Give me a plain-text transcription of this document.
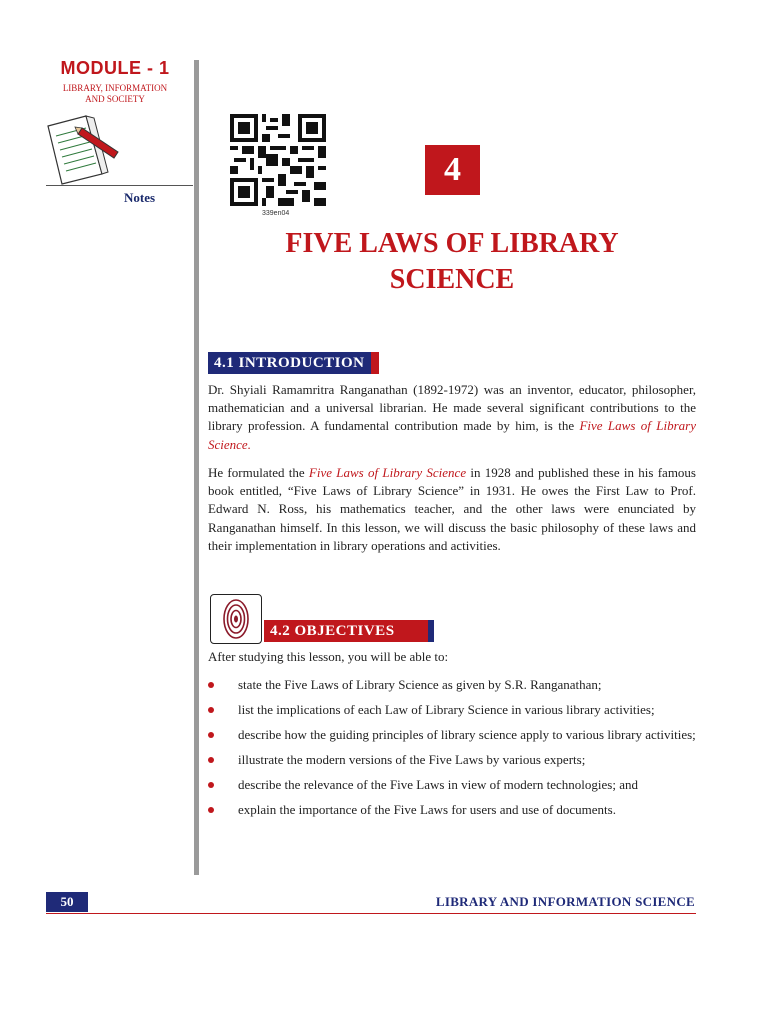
MODULE - 1
LIBRARY, INFORMATION
AND SOCIETY
Notes
339en04
4
FIVE LAWS OF LIBRARY
SCIENCE
4.1 INTRODUCTION
Dr. Shyiali Ramamritra Ranganathan (1892-1972) was an inventor, educator, philosopher, mathematician and a universal librarian. He made several significant contributions to the library profession. A fundamental contribution made by him, is the Five Laws of Library Science.
He formulated the Five Laws of Library Science in 1928 and published these in his famous book entitled, “Five Laws of Library Science” in 1931. He owes the First Law to Prof. Edward N. Ross, his mathematics teacher, and the other laws were enunciated by Ranganathan himself. In this lesson, we will discuss the basic philosophy of these laws and their implementation in library operations and activities.
4.2 OBJECTIVES
After studying this lesson, you will be able to:
state the Five Laws of Library Science as given by S.R. Ranganathan;
list the implications of each Law of Library Science in various library activities;
describe how the guiding principles of library science apply to various library activities;
illustrate the modern versions of the Five Laws by various experts;
describe the relevance of the Five Laws in view of modern technologies; and
explain the importance of the Five Laws for users and use of documents.
50	LIBRARY AND INFORMATION SCIENCE
